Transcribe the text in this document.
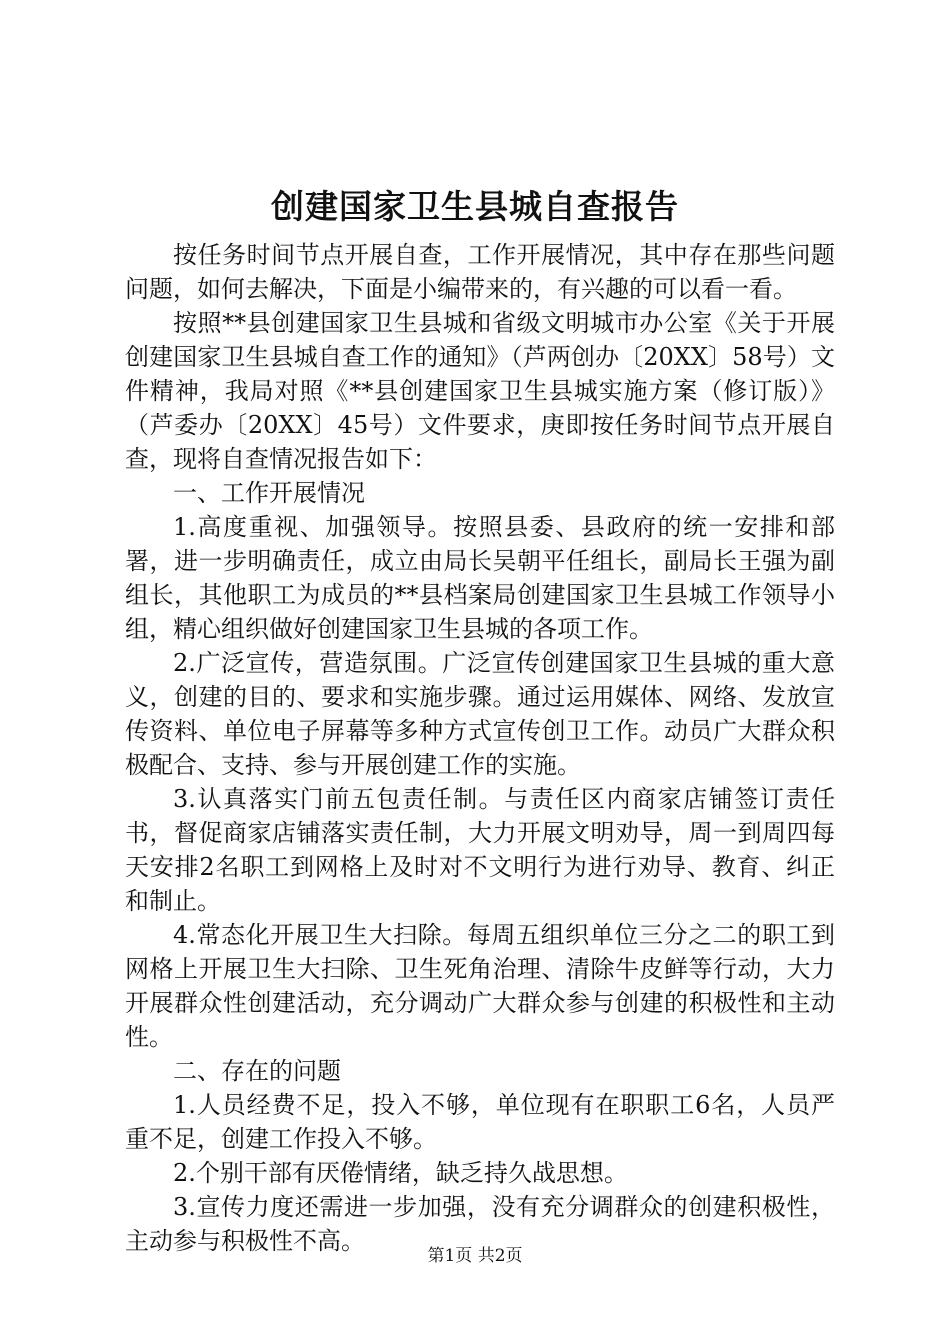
创建国家卫生县城自查报告

按任务时间节点开展自查，工作开展情况，其中存在那些问题问题，如何去解决，下面是小编带来的，有兴趣的可以看一看。

按照**县创建国家卫生县城和省级文明城市办公室《关于开展创建国家卫生县城自查工作的通知》（芦两创办〔20XX〕58号）文件精神，我局对照《**县创建国家卫生县城实施方案（修订版）》（芦委办〔20XX〕45号）文件要求，庚即按任务时间节点开展自查，现将自查情况报告如下：

一、工作开展情况

1.高度重视、加强领导。按照县委、县政府的统一安排和部署，进一步明确责任，成立由局长吴朝平任组长，副局长王强为副组长，其他职工为成员的**县档案局创建国家卫生县城工作领导小组，精心组织做好创建国家卫生县城的各项工作。

2.广泛宣传，营造氛围。广泛宣传创建国家卫生县城的重大意义，创建的目的、要求和实施步骤。通过运用媒体、网络、发放宣传资料、单位电子屏幕等多种方式宣传创卫工作。动员广大群众积极配合、支持、参与开展创建工作的实施。

3.认真落实门前五包责任制。与责任区内商家店铺签订责任书，督促商家店铺落实责任制，大力开展文明劝导，周一到周四每天安排2名职工到网格上及时对不文明行为进行劝导、教育、纠正和制止。

4.常态化开展卫生大扫除。每周五组织单位三分之二的职工到网格上开展卫生大扫除、卫生死角治理、清除牛皮鲜等行动，大力开展群众性创建活动，充分调动广大群众参与创建的积极性和主动性。

二、存在的问题

1.人员经费不足，投入不够，单位现有在职职工6名，人员严重不足，创建工作投入不够。

2.个别干部有厌倦情绪，缺乏持久战思想。

3.宣传力度还需进一步加强，没有充分调群众的创建积极性，主动参与积极性不高。

第1页 共2页
